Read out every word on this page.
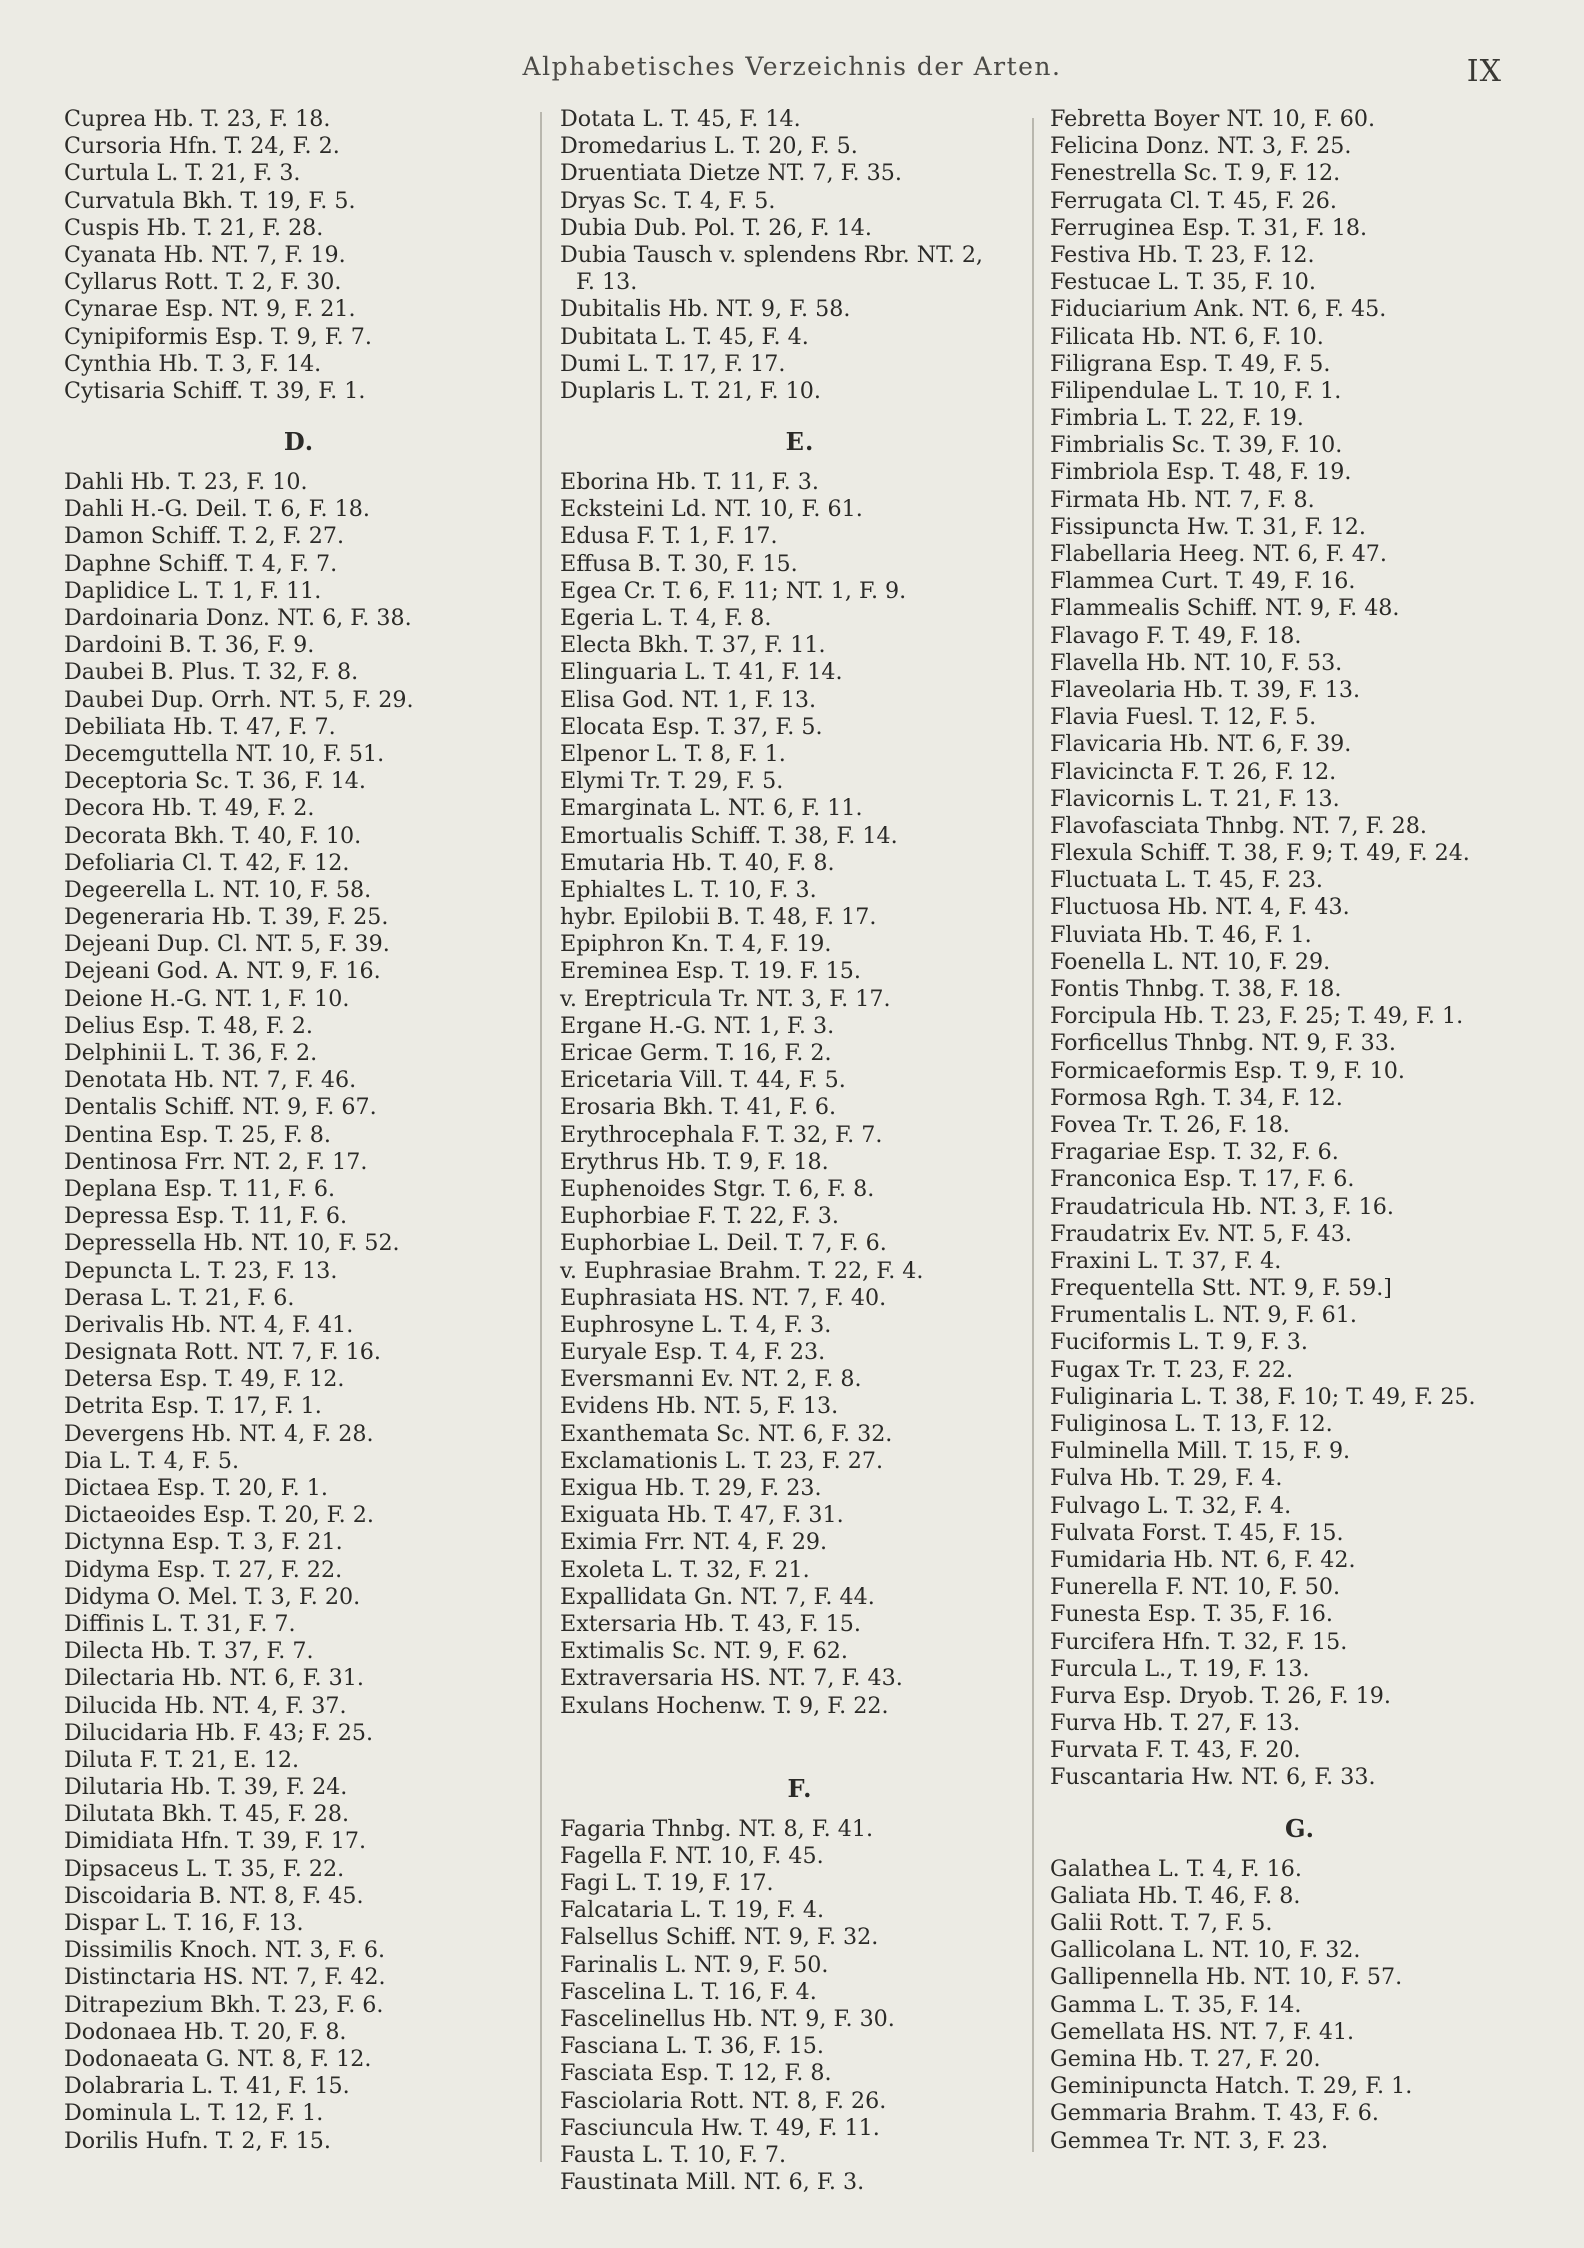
Alphabetisches Verzeichnis der Arten.	IX
Cuprea Hb. T. 23, F. 18.
Cursoria Hfn. T. 24, F. 2.
Curtula L. T. 21, F. 3.
Curvatula Bkh. T. 19, F. 5.
Cuspis Hb. T. 21, F. 28.
Cyanata Hb. NT. 7, F. 19.
Cyllarus Rott. T. 2, F. 30.
Cynarae Esp. NT. 9, F. 21.
Cynipiformis Esp. T. 9, F. 7.
Cynthia Hb. T. 3, F. 14.
Cytisaria Schiff. T. 39, F. 1.
D.
Dahli Hb. T. 23, F. 10.
Dahli H.-G. Deil. T. 6, F. 18.
Damon Schiff. T. 2, F. 27.
Daphne Schiff. T. 4, F. 7.
Daplidice L. T. 1, F. 11.
Dardoinaria Donz. NT. 6, F. 38.
Dardoini B. T. 36, F. 9.
Daubei B. Plus. T. 32, F. 8.
Daubei Dup. Orrh. NT. 5, F. 29.
Debiliata Hb. T. 47, F. 7.
Decemguttella NT. 10, F. 51.
Deceptoria Sc. T. 36, F. 14.
Decora Hb. T. 49, F. 2.
Decorata Bkh. T. 40, F. 10.
Defoliaria Cl. T. 42, F. 12.
Degeerella L. NT. 10, F. 58.
Degeneraria Hb. T. 39, F. 25.
Dejeani Dup. Cl. NT. 5, F. 39.
Dejeani God. A. NT. 9, F. 16.
Deione H.-G. NT. 1, F. 10.
Delius Esp. T. 48, F. 2.
Delphinii L. T. 36, F. 2.
Denotata Hb. NT. 7, F. 46.
Dentalis Schiff. NT. 9, F. 67.
Dentina Esp. T. 25, F. 8.
Dentinosa Frr. NT. 2, F. 17.
Deplana Esp. T. 11, F. 6.
Depressa Esp. T. 11, F. 6.
Depressella Hb. NT. 10, F. 52.
Depuncta L. T. 23, F. 13.
Derasa L. T. 21, F. 6.
Derivalis Hb. NT. 4, F. 41.
Designata Rott. NT. 7, F. 16.
Detersa Esp. T. 49, F. 12.
Detrita Esp. T. 17, F. 1.
Devergens Hb. NT. 4, F. 28.
Dia L. T. 4, F. 5.
Dictaea Esp. T. 20, F. 1.
Dictaeoides Esp. T. 20, F. 2.
Dictynna Esp. T. 3, F. 21.
Didyma Esp. T. 27, F. 22.
Didyma O. Mel. T. 3, F. 20.
Diffinis L. T. 31, F. 7.
Dilecta Hb. T. 37, F. 7.
Dilectaria Hb. NT. 6, F. 31.
Dilucida Hb. NT. 4, F. 37.
Dilucidaria Hb. F. 43; F. 25.
Diluta F. T. 21, E. 12.
Dilutaria Hb. T. 39, F. 24.
Dilutata Bkh. T. 45, F. 28.
Dimidiata Hfn. T. 39, F. 17.
Dipsaceus L. T. 35, F. 22.
Discoidaria B. NT. 8, F. 45.
Dispar L. T. 16, F. 13.
Dissimilis Knoch. NT. 3, F. 6.
Distinctaria HS. NT. 7, F. 42.
Ditrapezium Bkh. T. 23, F. 6.
Dodonaea Hb. T. 20, F. 8.
Dodonaeata G. NT. 8, F. 12.
Dolabraria L. T. 41, F. 15.
Dominula L. T. 12, F. 1.
Dorilis Hufn. T. 2, F. 15.
Dotata L. T. 45, F. 14.
Dromedarius L. T. 20, F. 5.
Druentiata Dietze NT. 7, F. 35.
Dryas Sc. T. 4, F. 5.
Dubia Dub. Pol. T. 26, F. 14.
Dubia Tausch v. splendens Rbr. NT. 2,
F. 13.
Dubitalis Hb. NT. 9, F. 58.
Dubitata L. T. 45, F. 4.
Dumi L. T. 17, F. 17.
Duplaris L. T. 21, F. 10.
E.
Eborina Hb. T. 11, F. 3.
Ecksteini Ld. NT. 10, F. 61.
Edusa F. T. 1, F. 17.
Effusa B. T. 30, F. 15.
Egea Cr. T. 6, F. 11; NT. 1, F. 9.
Egeria L. T. 4, F. 8.
Electa Bkh. T. 37, F. 11.
Elinguaria L. T. 41, F. 14.
Elisa God. NT. 1, F. 13.
Elocata Esp. T. 37, F. 5.
Elpenor L. T. 8, F. 1.
Elymi Tr. T. 29, F. 5.
Emarginata L. NT. 6, F. 11.
Emortualis Schiff. T. 38, F. 14.
Emutaria Hb. T. 40, F. 8.
Ephialtes L. T. 10, F. 3.
hybr. Epilobii B. T. 48, F. 17.
Epiphron Kn. T. 4, F. 19.
Ereminea Esp. T. 19. F. 15.
v. Ereptricula Tr. NT. 3, F. 17.
Ergane H.-G. NT. 1, F. 3.
Ericae Germ. T. 16, F. 2.
Ericetaria Vill. T. 44, F. 5.
Erosaria Bkh. T. 41, F. 6.
Erythrocephala F. T. 32, F. 7.
Erythrus Hb. T. 9, F. 18.
Euphenoides Stgr. T. 6, F. 8.
Euphorbiae F. T. 22, F. 3.
Euphorbiae L. Deil. T. 7, F. 6.
v. Euphrasiae Brahm. T. 22, F. 4.
Euphrasiata HS. NT. 7, F. 40.
Euphrosyne L. T. 4, F. 3.
Euryale Esp. T. 4, F. 23.
Eversmanni Ev. NT. 2, F. 8.
Evidens Hb. NT. 5, F. 13.
Exanthemata Sc. NT. 6, F. 32.
Exclamationis L. T. 23, F. 27.
Exigua Hb. T. 29, F. 23.
Exiguata Hb. T. 47, F. 31.
Eximia Frr. NT. 4, F. 29.
Exoleta L. T. 32, F. 21.
Expallidata Gn. NT. 7, F. 44.
Extersaria Hb. T. 43, F. 15.
Extimalis Sc. NT. 9, F. 62.
Extraversaria HS. NT. 7, F. 43.
Exulans Hochenw. T. 9, F. 22.
F.
Fagaria Thnbg. NT. 8, F. 41.
Fagella F. NT. 10, F. 45.
Fagi L. T. 19, F. 17.
Falcataria L. T. 19, F. 4.
Falsellus Schiff. NT. 9, F. 32.
Farinalis L. NT. 9, F. 50.
Fascelina L. T. 16, F. 4.
Fascelinellus Hb. NT. 9, F. 30.
Fasciana L. T. 36, F. 15.
Fasciata Esp. T. 12, F. 8.
Fasciolaria Rott. NT. 8, F. 26.
Fasciuncula Hw. T. 49, F. 11.
Fausta L. T. 10, F. 7.
Faustinata Mill. NT. 6, F. 3.
Febretta Boyer NT. 10, F. 60.
Felicina Donz. NT. 3, F. 25.
Fenestrella Sc. T. 9, F. 12.
Ferrugata Cl. T. 45, F. 26.
Ferruginea Esp. T. 31, F. 18.
Festiva Hb. T. 23, F. 12.
Festucae L. T. 35, F. 10.
Fiduciarium Ank. NT. 6, F. 45.
Filicata Hb. NT. 6, F. 10.
Filigrana Esp. T. 49, F. 5.
Filipendulae L. T. 10, F. 1.
Fimbria L. T. 22, F. 19.
Fimbrialis Sc. T. 39, F. 10.
Fimbriola Esp. T. 48, F. 19.
Firmata Hb. NT. 7, F. 8.
Fissipuncta Hw. T. 31, F. 12.
Flabellaria Heeg. NT. 6, F. 47.
Flammea Curt. T. 49, F. 16.
Flammealis Schiff. NT. 9, F. 48.
Flavago F. T. 49, F. 18.
Flavella Hb. NT. 10, F. 53.
Flaveolaria Hb. T. 39, F. 13.
Flavia Fuesl. T. 12, F. 5.
Flavicaria Hb. NT. 6, F. 39.
Flavicincta F. T. 26, F. 12.
Flavicornis L. T. 21, F. 13.
Flavofasciata Thnbg. NT. 7, F. 28.
Flexula Schiff. T. 38, F. 9; T. 49, F. 24.
Fluctuata L. T. 45, F. 23.
Fluctuosa Hb. NT. 4, F. 43.
Fluviata Hb. T. 46, F. 1.
Foenella L. NT. 10, F. 29.
Fontis Thnbg. T. 38, F. 18.
Forcipula Hb. T. 23, F. 25; T. 49, F. 1.
Forficellus Thnbg. NT. 9, F. 33.
Formicaeformis Esp. T. 9, F. 10.
Formosa Rgh. T. 34, F. 12.
Fovea Tr. T. 26, F. 18.
Fragariae Esp. T. 32, F. 6.
Franconica Esp. T. 17, F. 6.
Fraudatricula Hb. NT. 3, F. 16.
Fraudatrix Ev. NT. 5, F. 43.
Fraxini L. T. 37, F. 4.
Frequentella Stt. NT. 9, F. 59.]
Frumentalis L. NT. 9, F. 61.
Fuciformis L. T. 9, F. 3.
Fugax Tr. T. 23, F. 22.
Fuliginaria L. T. 38, F. 10; T. 49, F. 25.
Fuliginosa L. T. 13, F. 12.
Fulminella Mill. T. 15, F. 9.
Fulva Hb. T. 29, F. 4.
Fulvago L. T. 32, F. 4.
Fulvata Forst. T. 45, F. 15.
Fumidaria Hb. NT. 6, F. 42.
Funerella F. NT. 10, F. 50.
Funesta Esp. T. 35, F. 16.
Furcifera Hfn. T. 32, F. 15.
Furcula L., T. 19, F. 13.
Furva Esp. Dryob. T. 26, F. 19.
Furva Hb. T. 27, F. 13.
Furvata F. T. 43, F. 20.
Fuscantaria Hw. NT. 6, F. 33.
G.
Galathea L. T. 4, F. 16.
Galiata Hb. T. 46, F. 8.
Galii Rott. T. 7, F. 5.
Gallicolana L. NT. 10, F. 32.
Gallipennella Hb. NT. 10, F. 57.
Gamma L. T. 35, F. 14.
Gemellata HS. NT. 7, F. 41.
Gemina Hb. T. 27, F. 20.
Geminipuncta Hatch. T. 29, F. 1.
Gemmaria Brahm. T. 43, F. 6.
Gemmea Tr. NT. 3, F. 23.
